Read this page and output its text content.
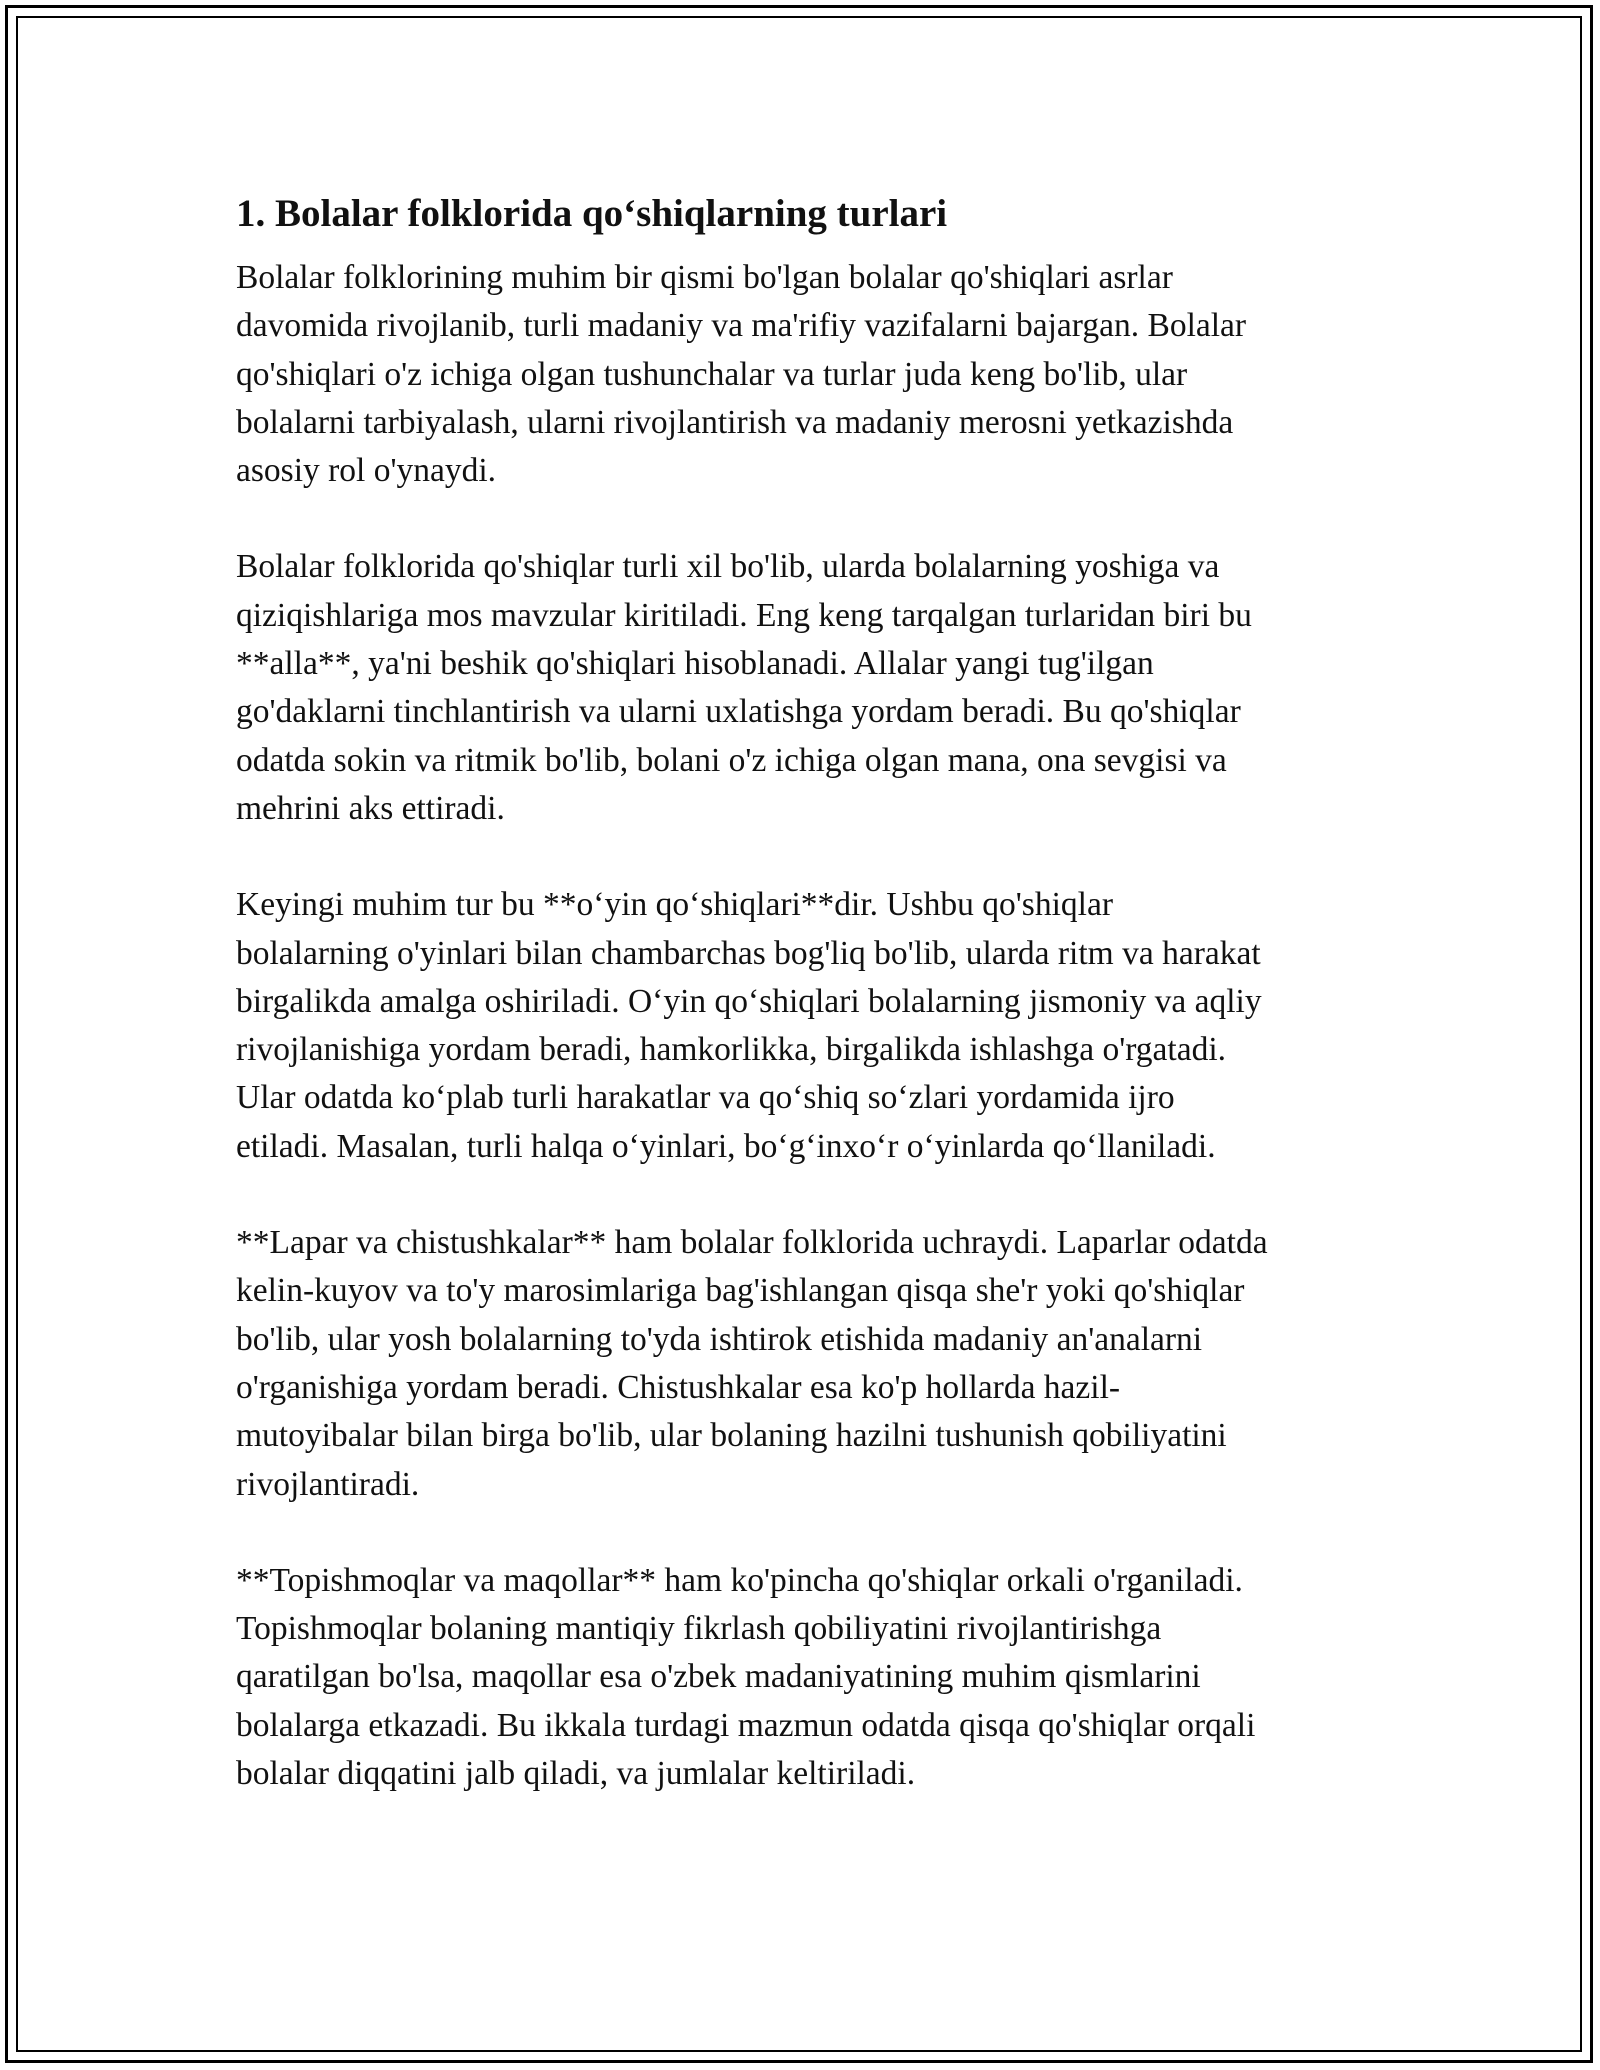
1. Bolalar folklorida qo‘shiqlarning turlari

Bolalar folklorining muhim bir qismi bo'lgan bolalar qo'shiqlari asrlar
davomida rivojlanib, turli madaniy va ma'rifiy vazifalarni bajargan. Bolalar
qo'shiqlari o'z ichiga olgan tushunchalar va turlar juda keng bo'lib, ular
bolalarni tarbiyalash, ularni rivojlantirish va madaniy merosni yetkazishda
asosiy rol o'ynaydi.

Bolalar folklorida qo'shiqlar turli xil bo'lib, ularda bolalarning yoshiga va
qiziqishlariga mos mavzular kiritiladi. Eng keng tarqalgan turlaridan biri bu
**alla**, ya'ni beshik qo'shiqlari hisoblanadi. Allalar yangi tug'ilgan
go'daklarni tinchlantirish va ularni uxlatishga yordam beradi. Bu qo'shiqlar
odatda sokin va ritmik bo'lib, bolani o'z ichiga olgan mana, ona sevgisi va
mehrini aks ettiradi.

Keyingi muhim tur bu **o‘yin qo‘shiqlari**dir. Ushbu qo'shiqlar
bolalarning o'yinlari bilan chambarchas bog'liq bo'lib, ularda ritm va harakat
birgalikda amalga oshiriladi. O‘yin qo‘shiqlari bolalarning jismoniy va aqliy
rivojlanishiga yordam beradi, hamkorlikka, birgalikda ishlashga o'rgatadi.
Ular odatda ko‘plab turli harakatlar va qo‘shiq so‘zlari yordamida ijro
etiladi. Masalan, turli halqa o‘yinlari, bo‘g‘inxo‘r o‘yinlarda qo‘llaniladi.

**Lapar va chistushkalar** ham bolalar folklorida uchraydi. Laparlar odatda
kelin-kuyov va to'y marosimlariga bag'ishlangan qisqa she'r yoki qo'shiqlar
bo'lib, ular yosh bolalarning to'yda ishtirok etishida madaniy an'analarni
o'rganishiga yordam beradi. Chistushkalar esa ko'p hollarda hazil-
mutoyibalar bilan birga bo'lib, ular bolaning hazilni tushunish qobiliyatini
rivojlantiradi.

**Topishmoqlar va maqollar** ham ko'pincha qo'shiqlar orkali o'rganiladi.
Topishmoqlar bolaning mantiqiy fikrlash qobiliyatini rivojlantirishga
qaratilgan bo'lsa, maqollar esa o'zbek madaniyatining muhim qismlarini
bolalarga etkazadi. Bu ikkala turdagi mazmun odatda qisqa qo'shiqlar orqali
bolalar diqqatini jalb qiladi, va jumlalar keltiriladi.
